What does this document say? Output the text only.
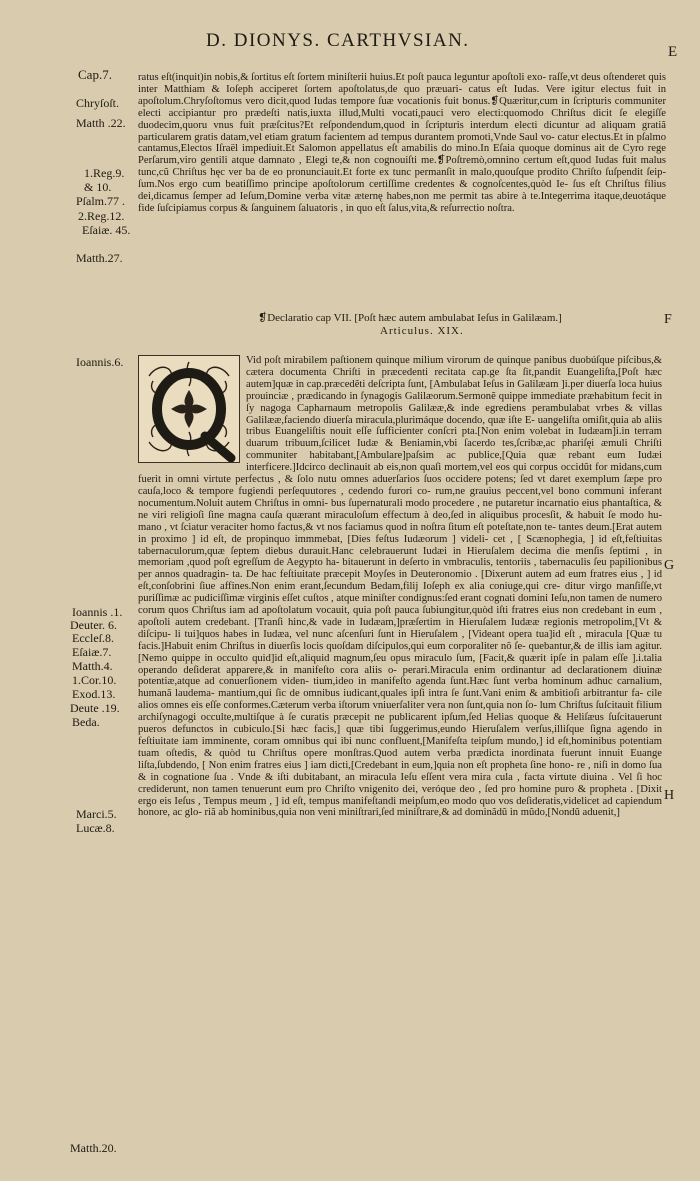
D. DIONYS. CARTHVSIAN.
E
Cap.7.
Chryſoſt.
Matth .22.
1.Reg.9.
& 10.
Pſalm.77 .
2.Reg.12.
Eſaiæ. 45.
Matth.27.
Ioannis.6.
Ioannis .1.
Deuter. 6.
Eccleſ.8.
Eſaiæ.7.
Matth.4.
1.Cor.10.
Exod.13.
Deute .19.
Beda.
Marci.5.
Lucæ.8.
Matth.20.
ratus eſt(inquit)in nobis,& ſortitus eſt ſortem miniſterii huius.Et poſt pauca leguntur apoſtoli exo- raſſe,vt deus oſtenderet quis inter Matthiam & Ioſeph acciperet ſortem apoſtolatus,de quo præuari- catus eſt Iudas. Vere igitur electus fuit in apoſtolum.Chryſoſtomus vero dicit,quod Iudas tempore ſuæ vocationis fuit bonus.❡Quæritur,cum in ſcripturis communiter electi accipiantur pro prædeſti natis,iuxta illud,Multi vocati,pauci vero electi:quomodo Chriſtus dicit ſe elegiſſe duodecim,quoru vnus fuit præſcitus?Et reſpondendum,quod in ſcripturis interdum electi dicuntur ad aliquam gratiã particularem gratis datam,vel etiam gratum facientem ad tempus durantem promoti,Vnde Saul vo- catur electus.Et in pſalmo cantamus,Electos Iſraël impediuit.Et Salomon appellatus eſt amabilis do mino.In Eſaia quoque dominus ait de Cyro rege Perſarum,viro gentili atque damnato , Elegi te,& non cognouiſti me.❡Poſtremò,omnino certum eſt,quod Iudas fuit malus tunc,cũ Chriſtus hęc ver ba de eo pronunciauit.Et forte ex tunc permanſit in malo,quouſque prodito Chriſto ſuſpendit ſeip- ſum.Nos ergo cum beatiſſimo principe apoſtolorum certiſſime credentes & cognoſcentes,quòd Ie- ſus eſt Chriſtus filius dei,dicamus ſemper ad Ieſum,Domine verba vitæ æternę habes,non me permit tas abire à te.Integerrima itaque,deuotáque fide ſuſcipiamus corpus & ſanguinem ſaluatoris , in quo eſt ſalus,vita,& reſurrectio noſtra.
❡Declaratio cap VII. [Poſt hæc autem ambulabat Ieſus in Galilæam.]
Articulus. XIX.
F
G
H
Vid poſt mirabilem paſtionem quinque milium virorum de quinque panibus duobúſque piſcibus,& cætera documenta Chriſti in præcedenti recitata cap.ge ſta ſit,pandit Euangeliſta,[Poſt hæc autem]quæ in cap.præcedẽti deſcripta ſunt, [Ambulabat Ieſus in Galilæam ]i.per diuerſa loca huius prouinciæ , prædicando in ſynagogis Galilæorum.Sermonẽ quippe immediate præhabitum fecit in ſy nagoga Capharnaum metropolis Galilææ,& inde egrediens perambulabat vrbes & villas Galilææ,faciendo diuerſa miracula,plurimáque docendo, quæ iſte E- uangeliſta omiſit,quia ab aliis tribus Euangeliſtis nouit eſſe ſufficienter conſcri pta.[Non enim volebat in Iudæam]i.in terram duarum tribuum,ſcilicet Iudæ & Beniamin,vbi ſacerdo tes,ſcribæ,ac phariſęi æmuli Chriſti communiter habitabant,[Ambulare]paſsim ac publice,[Quia quæ rebant eum Iudæi interficere.]Idcirco declinauit ab eis,non quaſi mortem,vel eos qui corpus occidũt for midans,cum fuerit in omni virtute perfectus , & ſolo nutu omnes aduerſarios ſuos occidere potens; ſed vt daret exemplum ſæpe pro cauſa,loco & tempore fugiendi perſequutores , cedendo furori co- rum,ne grauius peccent,vel bono communi inferant nocumentum.Noluit autem Chriſtus in omni- bus ſupernaturali modo procedere , ne putaretur incarnatio eius phantaſtica, & ne viri religioſi ſine magna cauſa quærant miraculoſum effectum à deo,ſed in aliquibus procesſit, & habuit ſe modo hu- mano , vt ſciatur veraciter homo factus,& vt nos faciamus quod in noſtra ſitum eſt poteſtate,non te- tantes deum.[Erat autem in proximo ] id eſt, de propinquo immmebat, [Dies feſtus Iudæorum ] videli- cet , [ Scænophegia, ] id eſt,feſtiuitas tabernaculorum,quæ ſeptem diebus durauit.Hanc celebrauerunt Iudæi in Hieruſalem decima die menſis ſeptimi , in memoriam ,quod poſt egreſſum de Aegypto ha- bitauerunt in deſerto in vmbraculis, tentoriis , tabernaculis ſeu papilionibus per annos quadragin- ta. De hac feſtiuitate præcepit Moyſes in Deuteronomio . [Dixerunt autem ad eum fratres eius , ] id eſt,conſobrini ſiue affines.Non enim erant,ſecundum Bedam,filij Ioſeph ex alia coniuge,qui cre- ditur virgo manſiſſe,vt puriſſimæ ac pudiciſſimæ virginis eſſet cuſtos , atque miniſter condignus:ſed erant cognati domini Ieſu,non tamen de numero corum quos Chriſtus iam ad apoſtolatum vocauit, quia poſt pauca ſubiungitur,quòd iſti fratres eius non credebant in eum , apoſtoli autem credebant. [Tranſi hinc,& vade in Iudæam,]præſertim in Hieruſalem Iudææ regionis metropolim,[Vt & diſcipu- li tui]quos habes in Iudæa, vel nunc aſcenſuri ſunt in Hieruſalem , [Videant opera tua]id eſt , miracula [Quæ tu facis.]Habuit enim Chriſtus in diuerſis locis quoſdam diſcipulos,qui eum corporaliter nõ ſe- quebantur,& de illis iam agitur.[Nemo quippe in occulto quid]id eſt,aliquid magnum,ſeu opus miraculo ſum, [Facit,& quærit ipſe in palam eſſe ].i.talia operando deſiderat apparere,& in manifeſto cora aliis o- perari.Miracula enim ordinantur ad declarationem diuinæ potentiæ,atque ad conuerſionem viden- tium,ideo in manifeſto agenda ſunt.Hæc ſunt verba hominum adhuc carnalium, humanã laudema- mantium,qui ſic de omnibus iudicant,quales ipſi intra ſe ſunt.Vani enim & ambitioſi arbitrantur fa- cile alios omnes eis eſſe conformes.Cæterum verba iſtorum vniuerſaliter vera non ſunt,quia non ſo- lum Chriſtus ſuſcitauit filium archiſynagogi occulte,multiſque à ſe curatis præcepit ne publicarent ipſum,ſed Helias quoque & Heliſæus ſuſcitauerunt pueros defunctos in cubiculo.[Si hæc facis,] quæ tibi ſuggerimus,eundo Hieruſalem verſus,illiſque ſigna agendo in feſtiuitate iam imminente, coram omnibus qui ibi nunc confluent,[Manifeſta teipſum mundo,] id eſt,hominibus potentiam tuam oſtedis, & quòd tu Chriſtus opere monſtras.Quod autem verba prædicta inordinata fuerunt innuit Euange liſta,ſubdendo, [ Non enim fratres eius ] iam dicti,[Credebant in eum,]quia non eſt propheta ſine hono- re , niſi in domo ſua & in cognatione ſua . Vnde & iſti dubitabant, an miracula Ieſu eſſent vera mira cula , facta virtute diuina . Vel ſi hoc crediderunt, non tamen tenuerunt eum pro Chriſto vnigenito dei, veróque deo , ſed pro homine puro & propheta . [Dixit ergo eis Ieſus , Tempus meum , ] id eſt, tempus manifeſtandi meipſum,eo modo quo vos deſideratis,videlicet ad capiendum honore, ac glo- riã ab hominibus,quia non veni miniſtrari,ſed miniſtrare,& ad dominãdũ in mũdo,[Nondũ aduenit,]
